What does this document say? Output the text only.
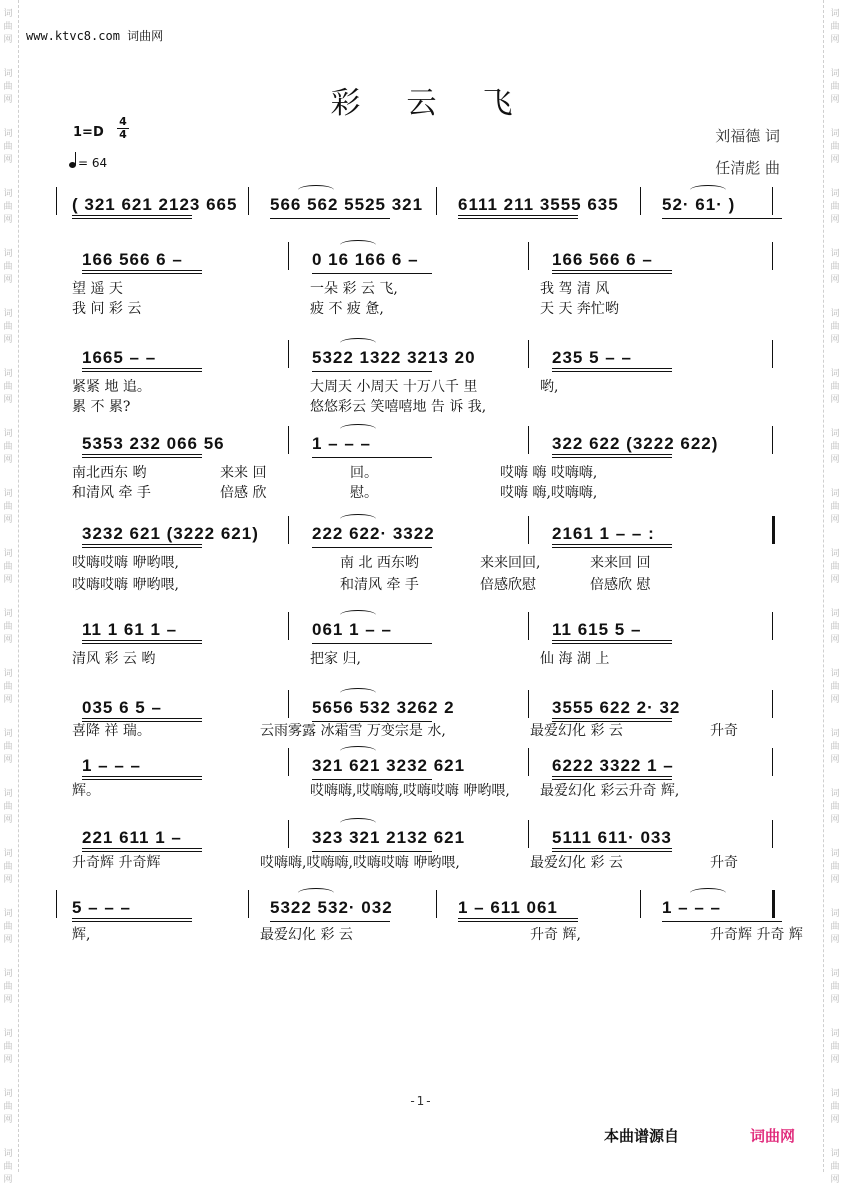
词
曲
网
词
曲
网
词
曲
网
词
曲
网
词
曲
网
词
曲
网
词
曲
网
词
曲
网
词
曲
网
词
曲
网
词
曲
网
词
曲
网
词
曲
网
词
曲
网
词
曲
网
词
曲
网
词
曲
网
词
曲
网
词
曲
网
词
曲
网
词
曲
网
词
曲
网
词
曲
网
词
曲
网
词
曲
网
词
曲
网
词
曲
网
词
曲
网
词
曲
网
词
曲
网
词
曲
网
词
曲
网
词
曲
网
词
曲
网
词
曲
网
词
曲
网
词
曲
网
词
曲
网
词
曲
网
词
曲
网
www.ktvc8.com 词曲网
彩云飞
1=D
4
4
= 64
刘福德 词
任清彪 曲
( 321 621 2123 665 566 562 5525 321 6111 211 3555 635	52· 61· )
166 566 6 –	0 16 166 6 –	166 566 6 –
1665 – –	5322 1322 3213 20	235 5 – –
5353 232 066 56	1 – – –	322 622 (3222 622)
3232 621 (3222 621)	222 622· 3322	2161 1 – – :
11 1 61 1 –	061 1 – –	11 615 5 –
035 6 5 –	5656 532 3262 2	3555 622 2· 32
1 – – –	321 621 3232 621	6222 3322 1 –
221 611 1 –	323 321 2132 621	5111 611· 033
5 – – –	5322 532· 032	1 – 611 061	1 – – –
望 遥 天	一朵 彩 云 飞,	我 驾 清 风
我 问 彩 云	疲 不 疲 惫,	天 天 奔忙哟
紧紧 地 追。	大周天 小周天 十万八千 里	哟,
累 不 累?	悠悠彩云 笑嘻嘻地 告 诉 我,
南北西东 哟	来来 回	回。	哎嗨 嗨 哎嗨嗨,
和清风 牵 手	倍感 欣	慰。	哎嗨 嗨,哎嗨嗨,
哎嗨哎嗨 咿哟喂,	南 北 西东哟	来来回回,	来来回 回
哎嗨哎嗨 咿哟喂,	和清风 牵 手	倍感欣慰	倍感欣 慰
清风 彩 云 哟	把家 归,	仙 海 湖 上
喜降 祥 瑞。	云雨雾露 冰霜雪 万变宗是 水,	最爱幻化 彩 云	升奇
辉。	哎嗨嗨,哎嗨嗨,哎嗨哎嗨 咿哟喂, 最爱幻化 彩云升奇 辉,
升奇辉 升奇辉	哎嗨嗨,哎嗨嗨,哎嗨哎嗨 咿哟喂,	最爱幻化 彩 云	升奇
辉,	最爱幻化 彩 云	升奇 辉,	升奇辉 升奇 辉
-1-
本曲谱源自	词曲网
